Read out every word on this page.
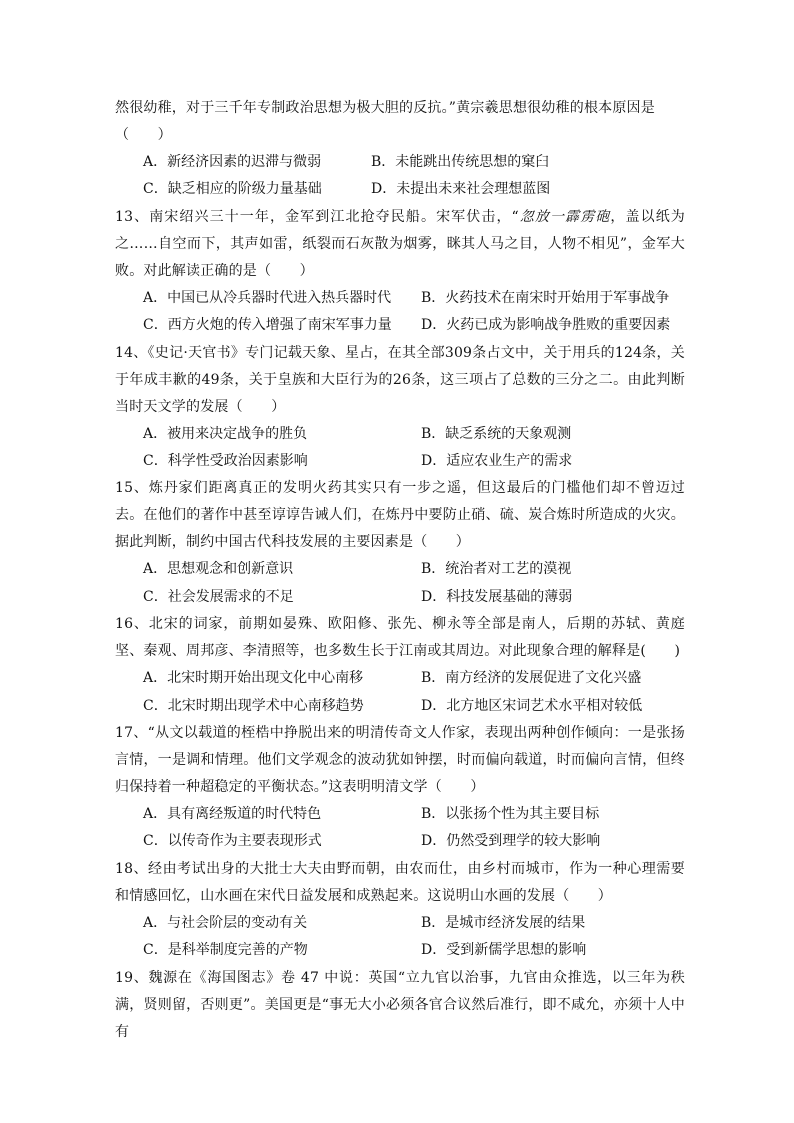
然很幼稚，对于三千年专制政治思想为极大胆的反抗。”黄宗羲思想很幼稚的根本原因是
（　　）

A．新经济因素的迟滞与微弱	B．未能跳出传统思想的窠臼
C．缺乏相应的阶级力量基础	D．未提出未来社会理想蓝图

13、南宋绍兴三十一年，金军到江北抢夺民船。宋军伏击，“忽放一霹雳砲，盖以纸为之……自空而下，其声如雷，纸裂而石灰散为烟雾，眯其人马之目，人物不相见”，金军大败。对此解读正确的是（　　）

A．中国已从冷兵器时代进入热兵器时代	B．火药技术在南宋时开始用于军事战争
C．西方火炮的传入增强了南宋军事力量	D．火药已成为影响战争胜败的重要因素

14、《史记·天官书》专门记载天象、星占，在其全部309条占文中，关于用兵的124条，关于年成丰歉的49条，关于皇族和大臣行为的26条，这三项占了总数的三分之二。由此判断当时天文学的发展（　　）

A．被用来决定战争的胜负	B．缺乏系统的天象观测
C．科学性受政治因素影响	D．适应农业生产的需求

15、炼丹家们距离真正的发明火药其实只有一步之遥，但这最后的门槛他们却不曾迈过去。在他们的著作中甚至谆谆告诫人们，在炼丹中要防止硝、硫、炭合炼时所造成的火灾。据此判断，制约中国古代科技发展的主要因素是（　　）

A．思想观念和创新意识	B．统治者对工艺的漠视
C．社会发展需求的不足	D．科技发展基础的薄弱

16、北宋的词家，前期如晏殊、欧阳修、张先、柳永等全部是南人，后期的苏轼、黄庭坚、秦观、周邦彦、李清照等，也多数生长于江南或其周边。对此现象合理的解释是(　　)

A．北宋时期开始出现文化中心南移	B．南方经济的发展促进了文化兴盛
C．北宋时期出现学术中心南移趋势	D．北方地区宋词艺术水平相对较低

17、“从文以载道的桎梏中挣脱出来的明清传奇文人作家，表现出两种创作倾向：一是张扬言情，一是调和情理。他们文学观念的波动犹如钟摆，时而偏向载道，时而偏向言情，但终归保持着一种超稳定的平衡状态。”这表明明清文学（　　）

A．具有离经叛道的时代特色	B．以张扬个性为其主要目标
C．以传奇作为主要表现形式	D．仍然受到理学的较大影响

18、经由考试出身的大批士大夫由野而朝，由农而仕，由乡村而城市，作为一种心理需要和情感回忆，山水画在宋代日益发展和成熟起来。这说明山水画的发展（　　）

A．与社会阶层的变动有关	B．是城市经济发展的结果
C．是科举制度完善的产物	D．受到新儒学思想的影响

19、魏源在《海国图志》卷 47 中说：英国“立九官以治事，九官由众推选，以三年为秩满，贤则留，否则更”。美国更是“事无大小必须各官合议然后准行，即不咸允，亦须十人中有
